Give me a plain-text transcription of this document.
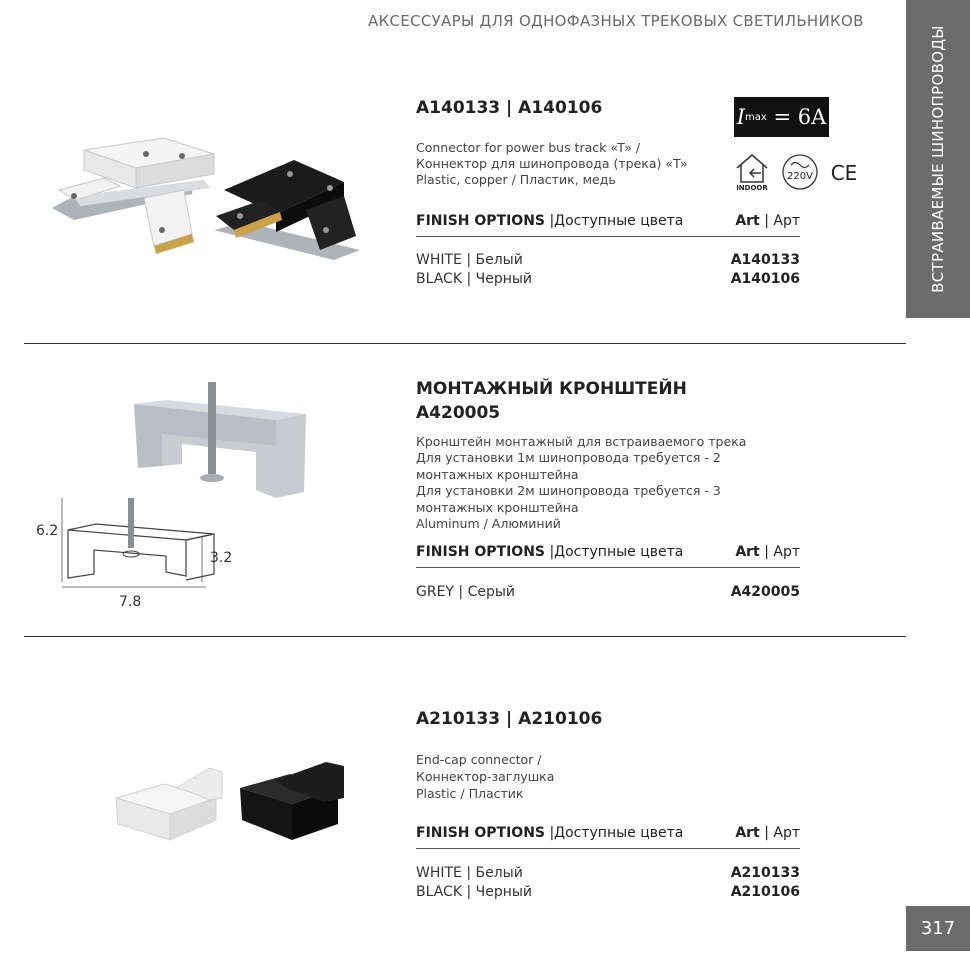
АКСЕССУАРЫ ДЛЯ ОДНОФАЗНЫХ ТРЕКОВЫХ СВЕТИЛЬНИКОВ
ВСТРАИВАЕМЫЕ ШИНОПРОВОДЫ
A140133 | A140106
Connector for power bus track «T» /
Коннектор для шинопровода (трека) «T»
Plastic, copper / Пластик, медь
I max
= 6A
INDOOR
220V CE
FINISH OPTIONS |Доступные цвета	Art | Арт
WHITE | Белый	A140133
BLACK | Черный	A140106
6.2
3.2
7.8
МОНТАЖНЫЙ КРОНШТЕЙН
A420005
Кронштейн монтажный для встраиваемого трека
Для установки 1м шинопровода требуется - 2
монтажных кронштейна
Для установки 2м шинопровода требуется - 3
монтажных кронштейна
Aluminum / Алюминий
FINISH OPTIONS |Доступные цвета	Art | Арт
GREY | Серый	A420005
A210133 | A210106
End-cap connector /
Коннектор-заглушка
Plastic / Пластик
FINISH OPTIONS |Доступные цвета	Art | Арт
WHITE | Белый	A210133
BLACK | Черный	A210106
317
